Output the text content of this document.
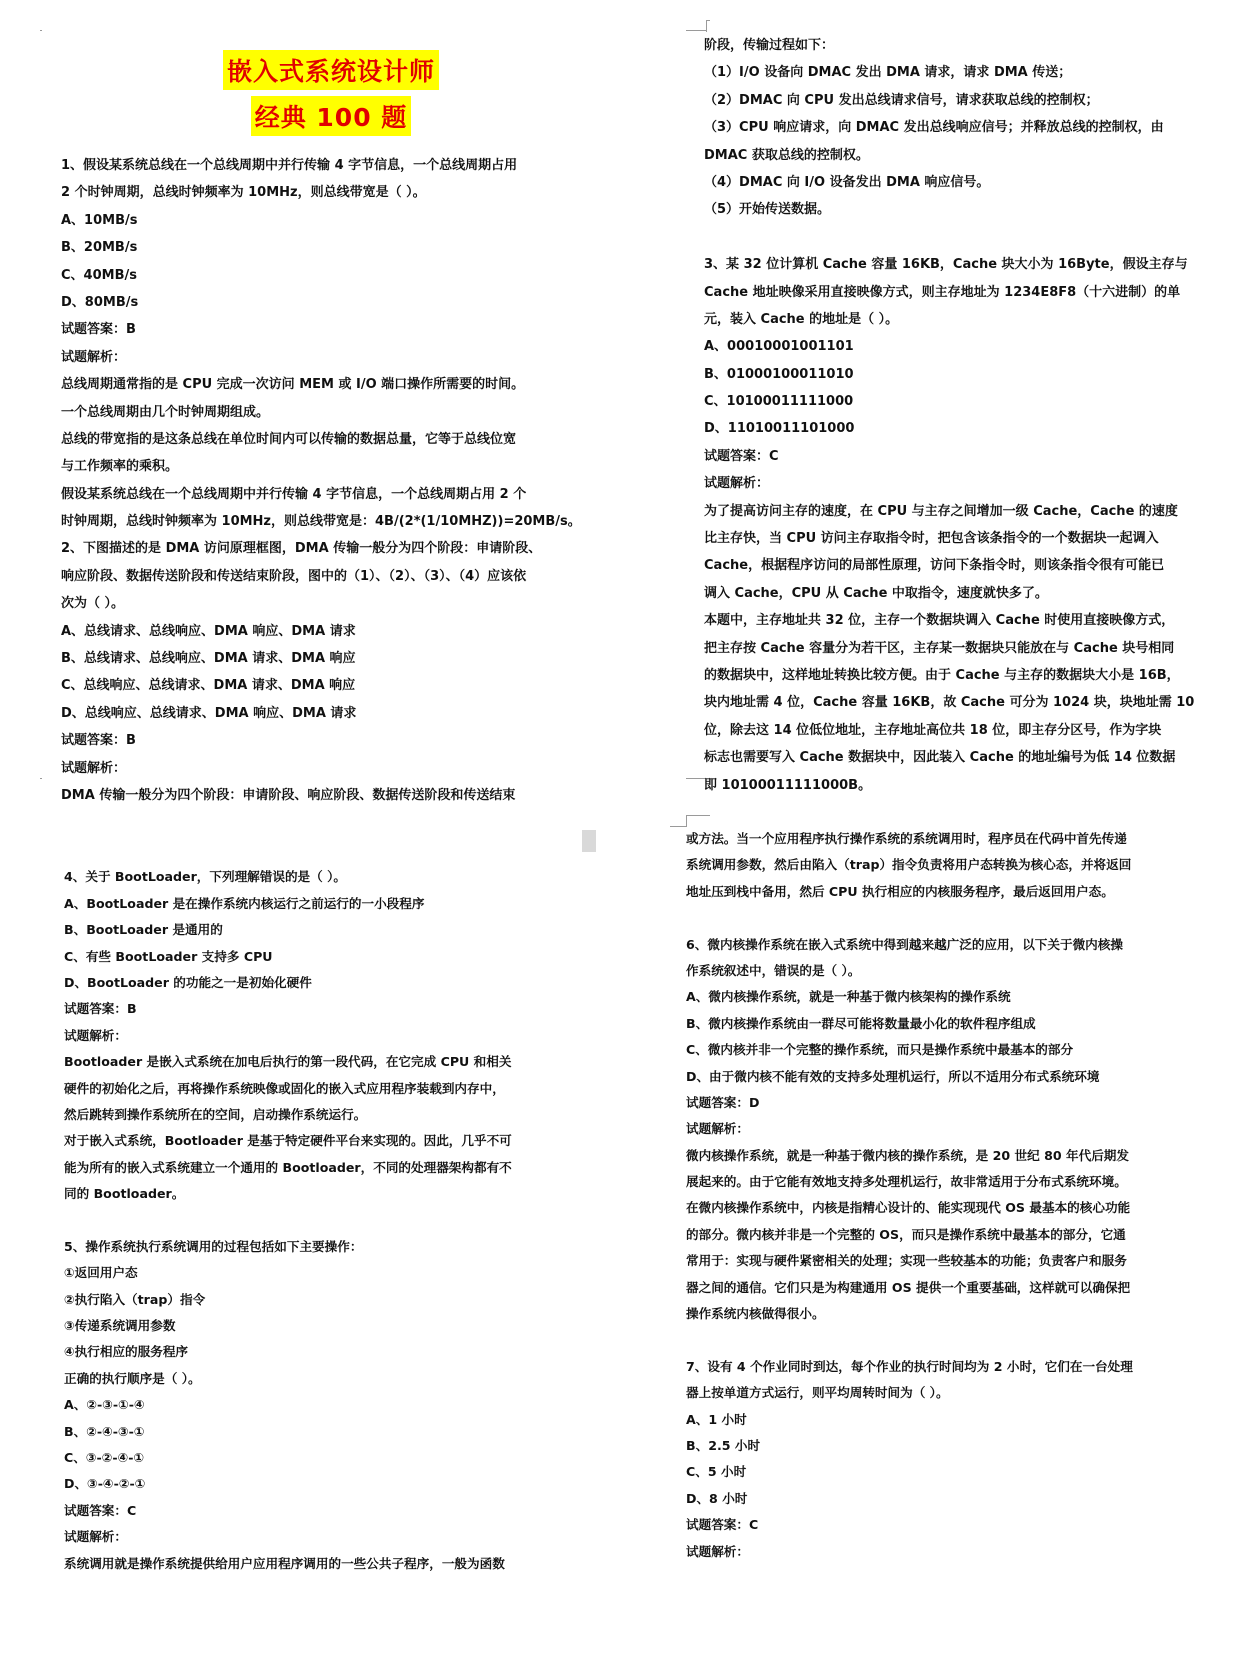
嵌入式系统设计师
经典 100 题
1、假设某系统总线在一个总线周期中并行传输 4 字节信息，一个总线周期占用
2 个时钟周期，总线时钟频率为 10MHz，则总线带宽是（ ）。
A、10MB/s
B、20MB/s
C、40MB/s
D、80MB/s
试题答案：B
试题解析：
总线周期通常指的是 CPU 完成一次访问 MEM 或 I/O 端口操作所需要的时间。
一个总线周期由几个时钟周期组成。
总线的带宽指的是这条总线在单位时间内可以传输的数据总量，它等于总线位宽
与工作频率的乘积。
假设某系统总线在一个总线周期中并行传输 4 字节信息，一个总线周期占用 2 个
时钟周期，总线时钟频率为 10MHz，则总线带宽是：4B/(2*(1/10MHZ))=20MB/s。
2、下图描述的是 DMA 访问原理框图，DMA 传输一般分为四个阶段：申请阶段、
响应阶段、数据传送阶段和传送结束阶段，图中的（1）、（2）、（3）、（4）应该依
次为（ ）。
A、总线请求、总线响应、DMA 响应、DMA 请求
B、总线请求、总线响应、DMA 请求、DMA 响应
C、总线响应、总线请求、DMA 请求、DMA 响应
D、总线响应、总线请求、DMA 响应、DMA 请求
试题答案：B
试题解析：
DMA 传输一般分为四个阶段：申请阶段、响应阶段、数据传送阶段和传送结束
阶段，传输过程如下：
（1）I/O 设备向 DMAC 发出 DMA 请求，请求 DMA 传送；
（2）DMAC 向 CPU 发出总线请求信号，请求获取总线的控制权；
（3）CPU 响应请求，向 DMAC 发出总线响应信号；并释放总线的控制权，由
DMAC 获取总线的控制权。
（4）DMAC 向 I/O 设备发出 DMA 响应信号。
（5）开始传送数据。
3、某 32 位计算机 Cache 容量 16KB，Cache 块大小为 16Byte，假设主存与
Cache 地址映像采用直接映像方式，则主存地址为 1234E8F8（十六进制）的单
元，装入 Cache 的地址是（ ）。
A、00010001001101
B、01000100011010
C、10100011111000
D、11010011101000
试题答案：C
试题解析：
为了提高访问主存的速度，在 CPU 与主存之间增加一级 Cache，Cache 的速度
比主存快，当 CPU 访问主存取指令时，把包含该条指令的一个数据块一起调入
Cache，根据程序访问的局部性原理，访问下条指令时，则该条指令很有可能已
调入 Cache，CPU 从 Cache 中取指令，速度就快多了。
本题中，主存地址共 32 位，主存一个数据块调入 Cache 时使用直接映像方式，
把主存按 Cache 容量分为若干区，主存某一数据块只能放在与 Cache 块号相同
的数据块中，这样地址转换比较方便。由于 Cache 与主存的数据块大小是 16B，
块内地址需 4 位，Cache 容量 16KB，故 Cache 可分为 1024 块，块地址需 10
位，除去这 14 位低位地址，主存地址高位共 18 位，即主存分区号，作为字块
标志也需要写入 Cache 数据块中，因此装入 Cache 的地址编号为低 14 位数据
即 10100011111000B。
4、关于 BootLoader，下列理解错误的是（ ）。
A、BootLoader 是在操作系统内核运行之前运行的一小段程序
B、BootLoader 是通用的
C、有些 BootLoader 支持多 CPU
D、BootLoader 的功能之一是初始化硬件
试题答案：B
试题解析：
Bootloader 是嵌入式系统在加电后执行的第一段代码，在它完成 CPU 和相关
硬件的初始化之后，再将操作系统映像或固化的嵌入式应用程序装载到内存中，
然后跳转到操作系统所在的空间，启动操作系统运行。
对于嵌入式系统，Bootloader 是基于特定硬件平台来实现的。因此，几乎不可
能为所有的嵌入式系统建立一个通用的 Bootloader，不同的处理器架构都有不
同的 Bootloader。
5、操作系统执行系统调用的过程包括如下主要操作：
①返回用户态
②执行陷入（trap）指令
③传递系统调用参数
④执行相应的服务程序
正确的执行顺序是（ ）。
A、②-③-①-④
B、②-④-③-①
C、③-②-④-①
D、③-④-②-①
试题答案：C
试题解析：
系统调用就是操作系统提供给用户应用程序调用的一些公共子程序，一般为函数
或方法。当一个应用程序执行操作系统的系统调用时，程序员在代码中首先传递
系统调用参数，然后由陷入（trap）指令负责将用户态转换为核心态，并将返回
地址压到栈中备用，然后 CPU 执行相应的内核服务程序，最后返回用户态。
6、微内核操作系统在嵌入式系统中得到越来越广泛的应用，以下关于微内核操
作系统叙述中，错误的是（ ）。
A、微内核操作系统，就是一种基于微内核架构的操作系统
B、微内核操作系统由一群尽可能将数量最小化的软件程序组成
C、微内核并非一个完整的操作系统，而只是操作系统中最基本的部分
D、由于微内核不能有效的支持多处理机运行，所以不适用分布式系统环境
试题答案：D
试题解析：
微内核操作系统，就是一种基于微内核的操作系统，是 20 世纪 80 年代后期发
展起来的。由于它能有效地支持多处理机运行，故非常适用于分布式系统环境。
在微内核操作系统中，内核是指精心设计的、能实现现代 OS 最基本的核心功能
的部分。微内核并非是一个完整的 OS，而只是操作系统中最基本的部分，它通
常用于：实现与硬件紧密相关的处理；实现一些较基本的功能；负责客户和服务
器之间的通信。它们只是为构建通用 OS 提供一个重要基础，这样就可以确保把
操作系统内核做得很小。
7、设有 4 个作业同时到达，每个作业的执行时间均为 2 小时，它们在一台处理
器上按单道方式运行，则平均周转时间为（ ）。
A、1 小时
B、2.5 小时
C、5 小时
D、8 小时
试题答案：C
试题解析：
